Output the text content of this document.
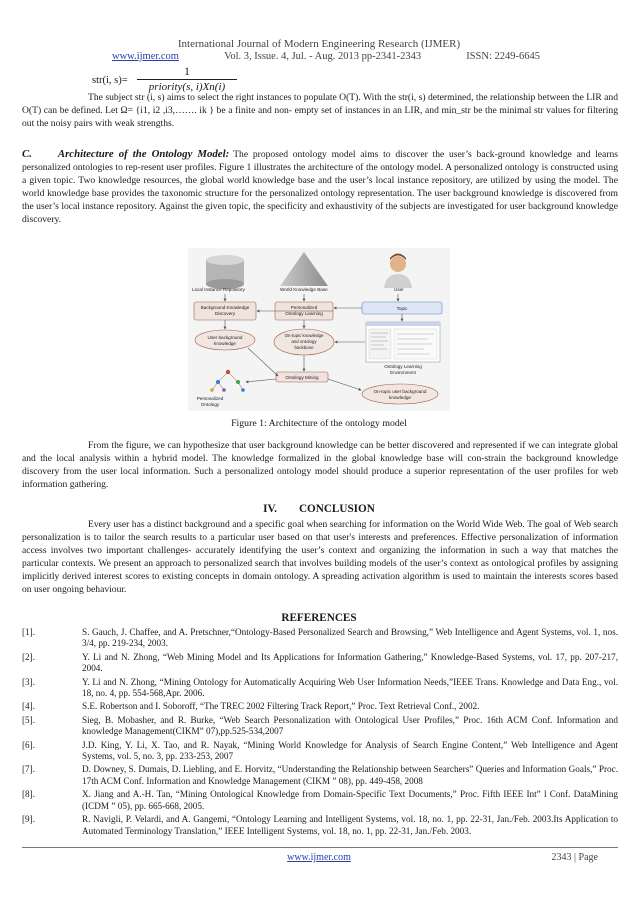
International Journal of Modern Engineering Research (IJMER)
www.ijmer.com	Vol. 3, Issue. 4, Jul. - Aug. 2013 pp-2341-2343	ISSN: 2249-6645
str(i, s)=
1
priority(s, i)Xn(i)

The subject str (i, s) aims to select the right instances to populate O(T). With the str(i, s) determined, the relationship between the LIR and O(T) can be defined. Let Ω= {i1, i2 ,i3,……. ik } be a finite and non- empty set of instances in an LIR, and min_str be the minimal str values for filtering out the noisy pairs with weak strengths.

C. Architecture of the Ontology Model: The proposed ontology model aims to discover the user’s back-ground knowledge and learns personalized ontologies to rep-resent user profiles. Figure 1 illustrates the architecture of the ontology model. A personalized ontology is constructed using a given topic. Two knowledge resources, the global world knowledge base and the user’s local instance repository, are utilized by using the model. The world knowledge base provides the taxonomic structure for the personalized ontology representation. The user background knowledge is discovered from the user’s local instance repository. Against the given topic, the specificity and exhaustivity of the subjects are investigated for user background knowledge discovery.

Local Instance Repository	World Knowledge Base	User
Background Knowledge
Discovery
Personalized
Ontology Learning
Topic
User background
knowledge
On-topic knowledge
and ontology
backbone
Ontology Learning
Environment
Ontology Mining
Personalized
Ontology
On-topic user background
knowledge
Figure 1: Architecture of the ontology model

From the figure, we can hypothesize that user background knowledge can be better discovered and represented if we can integrate global and the local analysis within a hybrid model. The knowledge formalized in the global knowledge base will con-strain the background knowledge discovery from the user local information. Such a personalized ontology model should produce a superior representation of the user profiles for web information gathering.

IV. CONCLUSION

Every user has a distinct background and a specific goal when searching for information on the World Wide Web. The goal of Web search personalization is to tailor the search results to a particular user based on that user's interests and preferences. Effective personalization of information access involves two important challenges- accurately identifying the user’s context and organizing the information in such a way that matches the particular contexts. We present an approach to personalized search that involves building models of the user’s context as ontological profiles by assigning implicitly derived interest scores to existing concepts in domain ontology. A spreading activation algorithm is used to maintain the interests scores based on user ongoing behaviour.

REFERENCES
[1].	S. Gauch, J. Chaffee, and A. Pretschner,“Ontology-Based Personalized Search and Browsing,” Web Intelligence and Agent Systems, vol. 1, nos. 3/4, pp. 219-234, 2003.
[2].	Y. Li and N. Zhong, “Web Mining Model and Its Applications for Information Gathering,” Knowledge-Based Systems, vol. 17, pp. 207-217, 2004.
[3].	Y. Li and N. Zhong, “Mining Ontology for Automatically Acquiring Web User Information Needs,”IEEE Trans. Knowledge and Data Eng., vol. 18, no. 4, pp. 554-568,Apr. 2006.
[4].	S.E. Robertson and I. Soboroff, “The TREC 2002 Filtering Track Report,” Proc. Text Retrieval Conf., 2002.
[5].	Sieg, B. Mobasher, and R. Burke, “Web Search Personalization with Ontological User Profiles,” Proc. 16th ACM Conf. Information and knowledge Management(CIKM” 07),pp.525-534,2007
[6].	J.D. King, Y. Li, X. Tao, and R. Nayak, “Mining World Knowledge for Analysis of Search Engine Content,” Web Intelligence and Agent Systems, vol. 5, no. 3, pp. 233-253, 2007
[7].	D. Downey, S. Dumais, D. Liebling, and E. Horvitz, “Understanding the Relationship between Searchers” Queries and Information Goals,” Proc. 17th ACM Conf. Information and Knowledge Management (CIKM ” 08), pp. 449-458, 2008
[8].	X. Jiang and A.-H. Tan, “Mining Ontological Knowledge from Domain-Specific Text Documents,” Proc. Fifth IEEE Int” l Conf. DataMining (ICDM ” 05), pp. 665-668, 2005.
[9].	R. Navigli, P. Velardi, and A. Gangemi, “Ontology Learning and Intelligent Systems, vol. 18, no. 1, pp. 22-31, Jan./Feb. 2003.Its Application to Automated Terminology Translation,” IEEE Intelligent Systems, vol. 18, no. 1, pp. 22-31, Jan./Feb. 2003.
www.ijmer.com	2343 | Page
